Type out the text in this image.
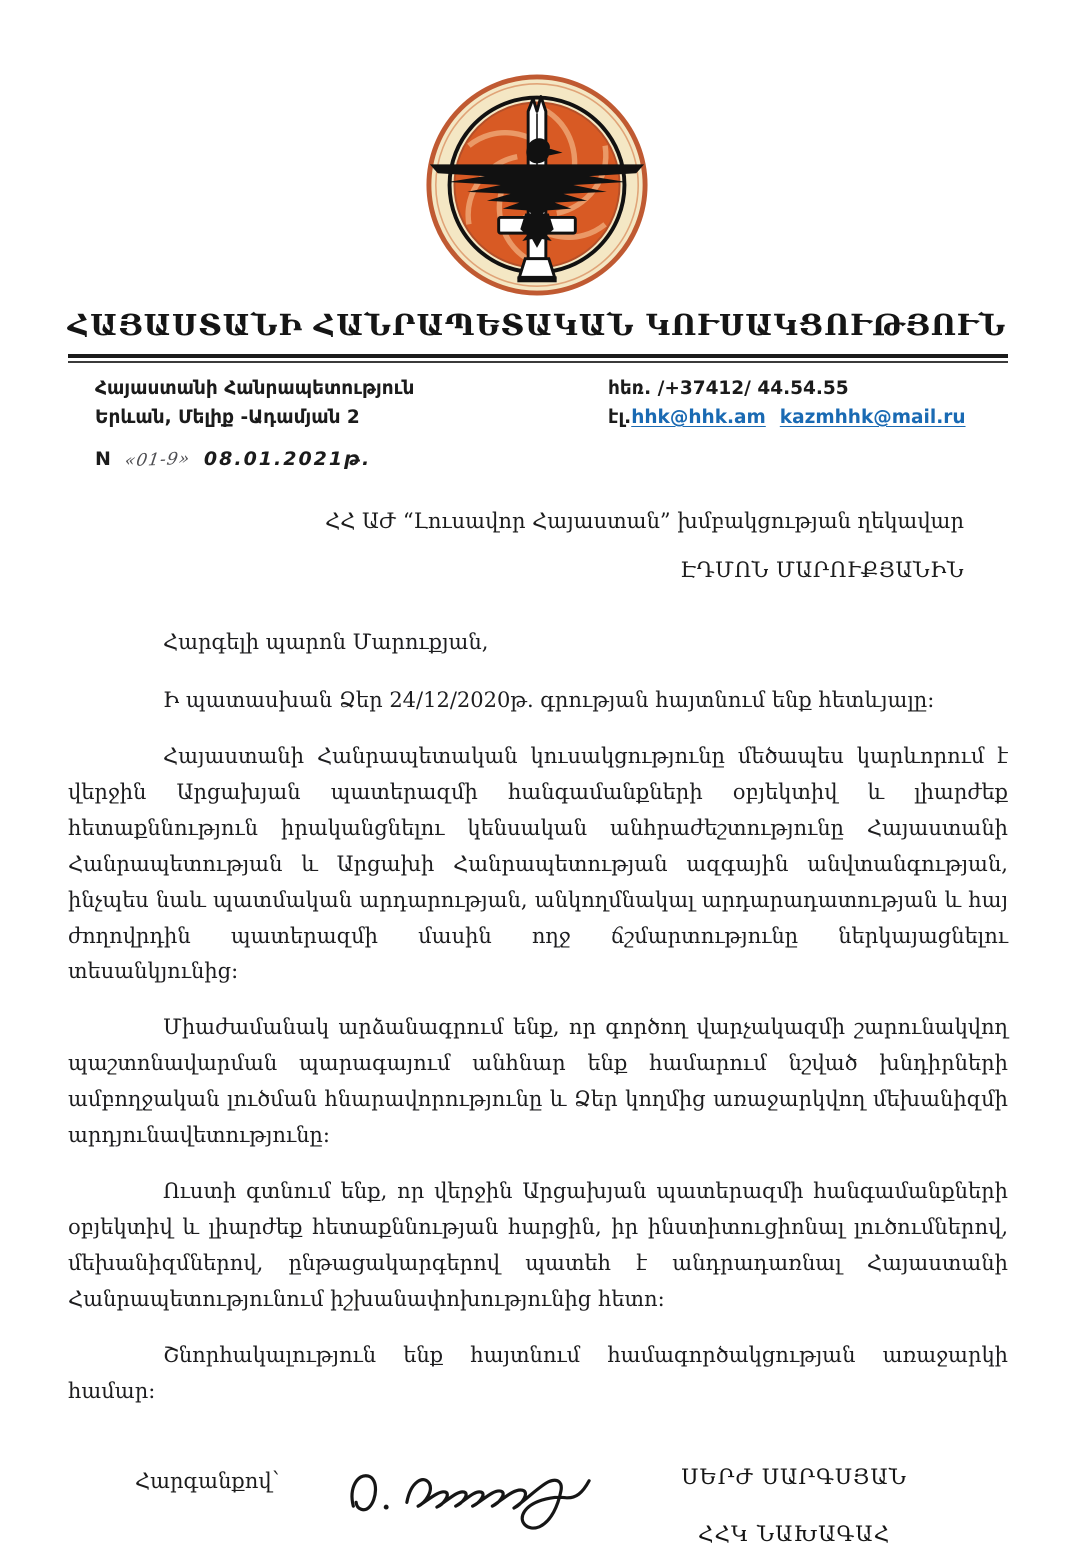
ՀԱՅԱՍՏԱՆԻ ՀԱՆՐԱՊԵՏԱԿԱՆ ԿՈՒՍԱԿՑՈՒԹՅՈՒՆ
Հայաստանի Հանրապետություն
Երևան, Մելիք -Ադամյան 2
հեռ. /+37412/ 44.54.55
էլ.hhk@hhk.am kazmhhk@mail.ru
N «01-9» 08.01.2021թ.
ՀՀ ԱԺ “Լուսավոր Հայաստան” խմբակցության ղեկավար
ԷԴՄՈՆ ՄԱՐՈՒՔՅԱՆԻՆ

Հարգելի պարոն Մարուքյան,

Ի պատասխան Ձեր 24/12/2020թ. գրության հայտնում ենք հետևյալը:

Հայաստանի Հանրապետական կուսակցությունը մեծապես կարևորում է վերջին Արցախյան պատերազմի հանգամանքների օբյեկտիվ և լիարժեք հետաքննություն իրականցնելու կենսական անհրաժեշտությունը Հայաստանի Հանրապետության և Արցախի Հանրապետության ազգային անվտանգության, ինչպես նաև պատմական արդարության, անկողմնակալ արդարադատության և հայ ժողովրդին պատերազմի մասին ողջ ճշմարտությունը ներկայացնելու տեսանկյունից:

Միաժամանակ արձանագրում ենք, որ գործող վարչակազմի շարունակվող պաշտոնավարման պարագայում անհնար ենք համարում նշված խնդիրների ամբողջական լուծման հնարավորությունը և Ձեր կողմից առաջարկվող մեխանիզմի արդյունավետությունը:

Ուստի գտնում ենք, որ վերջին Արցախյան պատերազմի հանգամանքների օբյեկտիվ և լիարժեք հետաքննության հարցին, իր ինստիտուցիոնալ լուծումներով, մեխանիզմներով, ընթացակարգերով պատեհ է անդրադառնալ Հայաստանի Հանրապետությունում իշխանափոխությունից հետո:

Շնորհակալություն ենք հայտնում համագործակցության առաջարկի համար:

Հարգանքով՝	ՍԵՐԺ ՍԱՐԳՍՅԱՆ
ՀՀԿ ՆԱԽԱԳԱՀ
